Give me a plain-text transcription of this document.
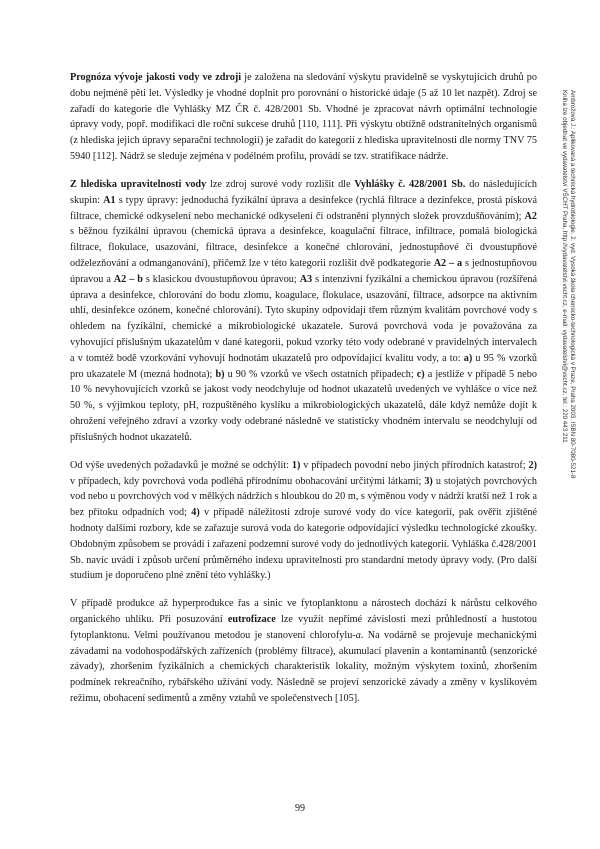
Prognóza vývoje jakosti vody ve zdroji je založena na sledování výskytu pravidelně se vyskytujících druhů po dobu nejméně pěti let. Výsledky je vhodné doplnit pro porovnání o historické údaje (5 až 10 let nazpět). Zdroj se zařadí do kategorie dle Vyhlášky MZ ČR č. 428/2001 Sb. Vhodné je zpracovat návrh optimální technologie úpravy vody, popř. modifikaci dle roční sukcese druhů [110, 111]. Při výskytu obtížně odstranitelných organismů (z hlediska jejich úpravy separační technologií) je zařadit do kategorií z hlediska upravitelnosti dle normy TNV 75 5940 [112]. Nádrž se sleduje zejména v podélném profilu, provádí se tzv. stratifikace nádrže.

Z hlediska upravitelnosti vody lze zdroj surové vody rozlišit dle Vyhlášky č. 428/2001 Sb. do následujících skupin: A1 s typy úpravy: jednoduchá fyzikální úprava a desinfekce (rychlá filtrace a dezinfekce, prostá písková filtrace, chemické odkyselení nebo mechanické odkyselení či odstranění plynných složek provzdušňováním); A2 s běžnou fyzikální úpravou (chemická úprava a desinfekce, koagulační filtrace, infiltrace, pomalá biologická filtrace, flokulace, usazování, filtrace, desinfekce a konečné chlorování, jednostupňové či dvoustupňové odželezňování a odmanganování), přičemž lze v této kategorii rozlišit dvě podkategorie A2 – a s jednostupňovou úpravou a A2 – b s klasickou dvoustupňovou úpravou; A3 s intenzivní fyzikální a chemickou úpravou (rozšířená úprava a desinfekce, chlorování do bodu zlomu, koagulace, flokulace, usazování, filtrace, adsorpce na aktivním uhlí, desinfekce ozónem, konečné chlorování). Tyto skupiny odpovídají třem různým kvalitám povrchové vody s ohledem na fyzikální, chemické a mikrobiologické ukazatele. Surová povrchová voda je považována za vyhovující příslušným ukazatelům v dané kategorii, pokud vzorky této vody odebrané v pravidelných intervalech a v tomtéž bodě vzorkování vyhovují hodnotám ukazatelů pro odpovídající kvalitu vody, a to: a) u 95 % vzorků pro ukazatele M (mezná hodnota); b) u 90 % vzorků ve všech ostatních případech; c) a jestliže v případě 5 nebo 10 % nevyhovujících vzorků se jakost vody neodchyluje od hodnot ukazatelů uvedených ve vyhlášce o více než 50 %, s výjimkou teploty, pH, rozpuštěného kyslíku a mikrobiologických ukazatelů, dále když nemůže dojít k ohrožení veřejného zdraví a vzorky vody odebrané následně ve statisticky vhodném intervalu se neodchylují od příslušných hodnot ukazatelů.

Od výše uvedených požadavků je možné se odchýlit: 1) v případech povodní nebo jiných přírodních katastrof; 2) v případech, kdy povrchová voda podléhá přírodnímu obohacování určitými látkami; 3) u stojatých povrchových vod nebo u povrchových vod v mělkých nádržích s hloubkou do 20 m, s výměnou vody v nádrži kratší než 1 rok a bez přítoku odpadních vod; 4) v případě náležitosti zdroje surové vody do více kategorií, pak ověřit zjištěné hodnoty dalšími rozbory, kde se zařazuje surová voda do kategorie odpovídající výsledku technologické zkoušky. Obdobným způsobem se provádí i zařazení podzemní surové vody do jednotlivých kategorií. Vyhláška č.428/2001 Sb. navíc uvádí i způsob určení průměrného indexu upravitelnosti pro standardní metody úpravy vody. (Pro další studium je doporučeno plné znění této vyhlášky.)

V případě produkce až hyperprodukce řas a sinic ve fytoplanktonu a nárostech dochází k nárůstu celkového organického uhlíku. Při posuzování eutrofizace lze využít nepřímé závislosti mezi průhledností a hustotou fytoplanktonu. Velmi používanou metodou je stanovení chlorofylu-a. Na vodárně se projevuje mechanickými závadami na vodohospodářských zařízeních (problémy filtrace), akumulací plavenin a kontaminantů (senzorické závady), zhoršením fyzikálních a chemických charakteristik lokality, možným výskytem toxinů, zhoršením podmínek rekreačního, rybářského užívání vody. Následně se projeví senzorické závady a změny v kyslíkovém režimu, obohacení sedimentů a změny vztahů ve společenstvech [105].

Ambrožová J.: Aplikovaná a technická hydrobiologie. 2. vyd. Vysoká škola chemicko-technologická v Praze, Praha 2003. ISBN 80-7080-521-8
Kniha lze objednat ve vydavatelství VŠCHT Praha, http://vydavatelstvi.vscht.cz, e-mail: vydavatelstvi@vscht.cz, tel.: 220 443 211
99
